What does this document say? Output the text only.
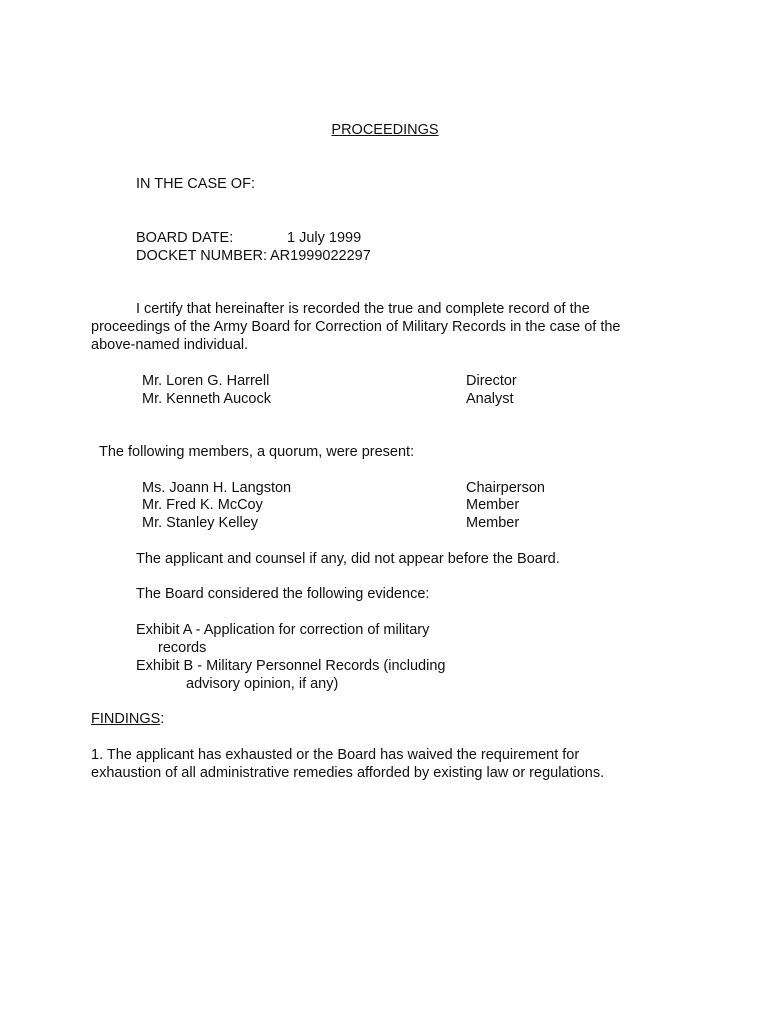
PROCEEDINGS
IN THE CASE OF:
BOARD DATE:	1 July 1999
DOCKET NUMBER: AR1999022297
I certify that hereinafter is recorded the true and complete record of the proceedings of the Army Board for Correction of Military Records in the case of the above-named individual.
Mr. Loren G. Harrell	Director
Mr. Kenneth Aucock	Analyst
The following members, a quorum, were present:
Ms. Joann H. Langston	Chairperson
Mr. Fred K. McCoy	Member
Mr. Stanley Kelley	Member
The applicant and counsel if any, did not appear before the Board.
The Board considered the following evidence:
Exhibit A - Application for correction of military
records
Exhibit B - Military Personnel Records (including
advisory opinion, if any)
FINDINGS:
1. The applicant has exhausted or the Board has waived the requirement for exhaustion of all administrative remedies afforded by existing law or regulations.
